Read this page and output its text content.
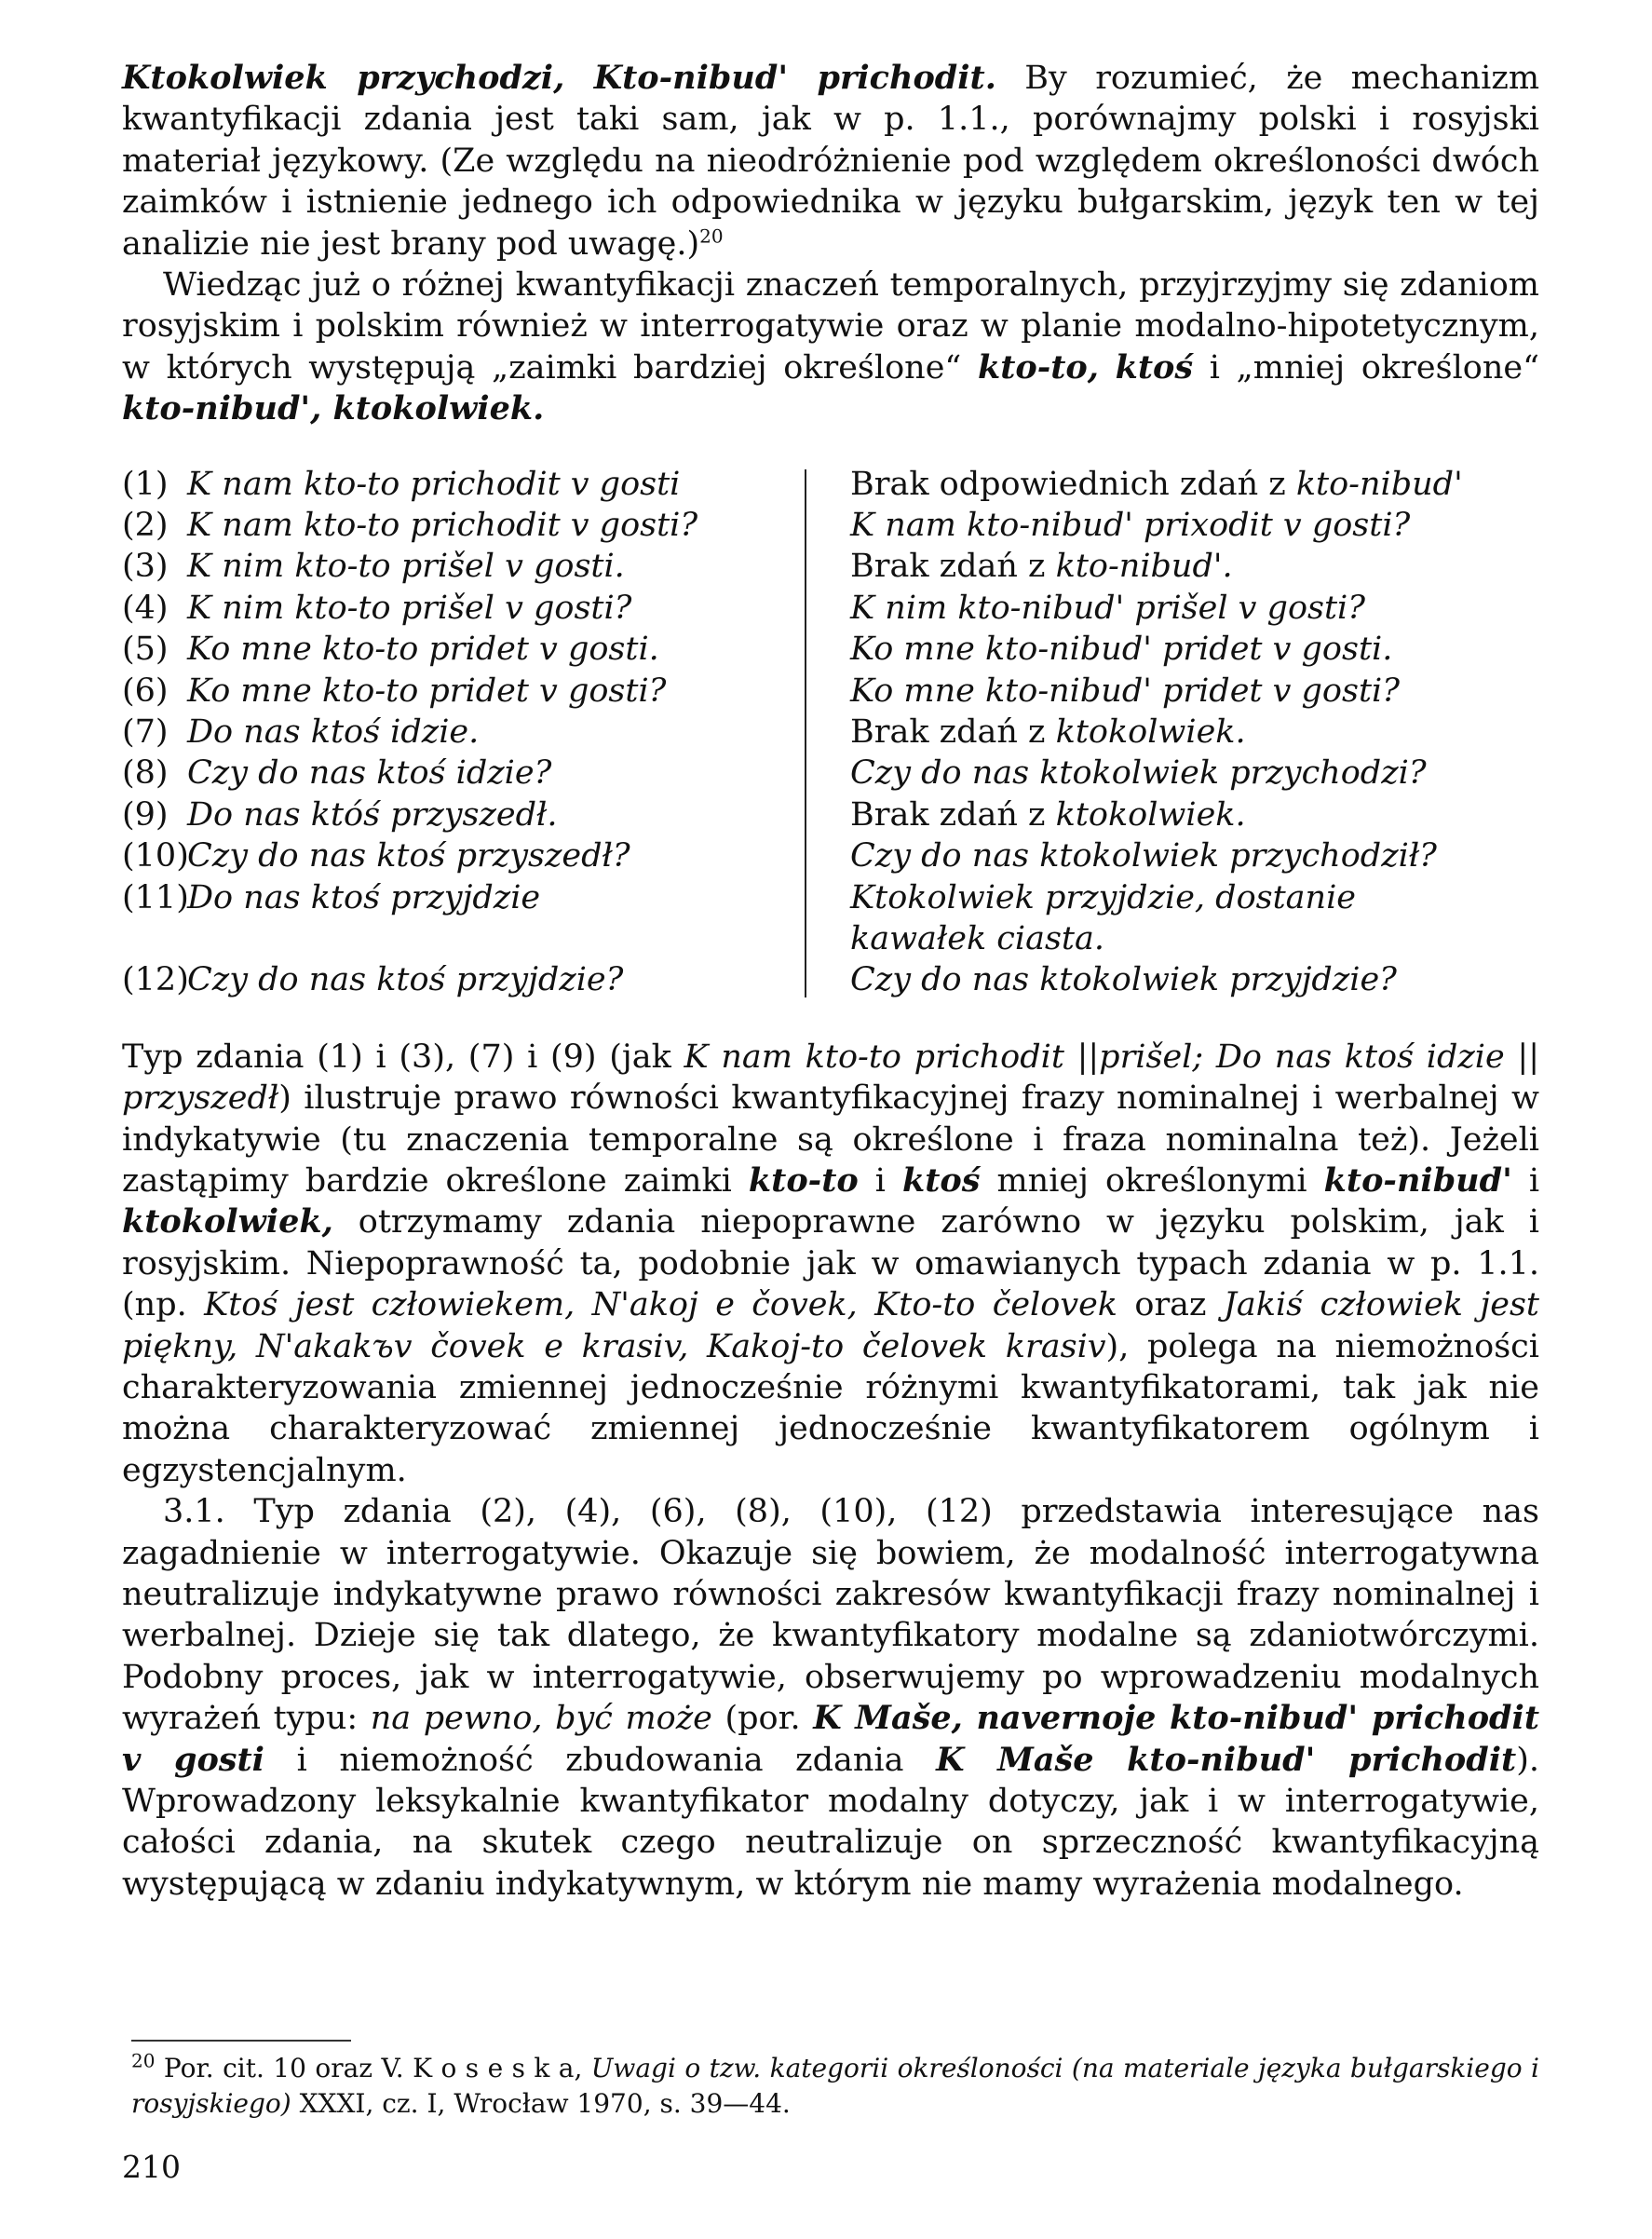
Ktokolwiek przychodzi, Kto-nibud' prichodit. By rozumieć, że mechanizm kwantyfikacji zdania jest taki sam, jak w p. 1.1., porównajmy polski i rosyjski materiał językowy. (Ze względu na nieodróżnienie pod względem określoności dwóch zaimków i istnienie jednego ich odpowiednika w języku bułgarskim, język ten w tej analizie nie jest brany pod uwagę.)$^{20}$

Wiedząc już o różnej kwantyfikacji znaczeń temporalnych, przyjrzyjmy się zdaniom rosyjskim i polskim również w interrogatywie oraz w planie modalno-hipotetycznym, w których występują „zaimki bardziej określone“ kto-to, ktoś i „mniej określone“ kto-nibud', ktokolwiek.

(1) K nam kto-to prichodit v gosti
(2) K nam kto-to prichodit v gosti?
(3) K nim kto-to prišel v gosti.
(4) K nim kto-to prišel v gosti?
(5) Ko mne kto-to pridet v gosti.
(6) Ko mne kto-to pridet v gosti?
(7) Do nas ktoś idzie.
(8) Czy do nas ktoś idzie?
(9) Do nas któś przyszedł.
(10)
Czy do nas ktoś przyszedł?
(11)
Do nas ktoś przyjdzie
(12)
Czy do nas ktoś przyjdzie?
Brak odpowiednich zdań z kto-nibud'
K nam kto-nibud' prixodit v gosti?
Brak zdań z kto-nibud'.
K nim kto-nibud' prišel v gosti?
Ko mne kto-nibud' pridet v gosti.
Ko mne kto-nibud' pridet v gosti?
Brak zdań z ktokolwiek.
Czy do nas ktokolwiek przychodzi?
Brak zdań z ktokolwiek.
Czy do nas ktokolwiek przychodził?
Ktokolwiek przyjdzie, dostanie kawałek ciasta.
Czy do nas ktokolwiek przyjdzie?

Typ zdania (1) i (3), (7) i (9) (jak K nam kto-to prichodit ||prišel; Do nas ktoś idzie || przyszedł) ilustruje prawo równości kwantyfikacyjnej frazy nominalnej i werbalnej w indykatywie (tu znaczenia temporalne są określone i fraza nominalna też). Jeżeli zastąpimy bardzie określone zaimki kto-to i ktoś mniej określonymi kto-nibud' i ktokolwiek, otrzymamy zdania niepoprawne zarówno w języku polskim, jak i rosyjskim. Niepoprawność ta, podobnie jak w omawianych typach zdania w p. 1.1. (np. Ktoś jest człowiekem, N'akoj e čovek, Kto-to čelovek oraz Jakiś człowiek jest piękny, N'akakъv čovek e krasiv, Kakoj-to čelovek krasiv), polega na niemożności charakteryzowania zmiennej jednocześnie różnymi kwantyfikatorami, tak jak nie można charakteryzować zmiennej jednocześnie kwantyfikatorem ogólnym i egzystencjalnym.

3.1. Typ zdania (2), (4), (6), (8), (10), (12) przedstawia interesujące nas zagadnienie w interrogatywie. Okazuje się bowiem, że modalność interrogatywna neutralizuje indykatywne prawo równości zakresów kwantyfikacji frazy nominalnej i werbalnej. Dzieje się tak dlatego, że kwantyfikatory modalne są zdaniotwórczymi. Podobny proces, jak w interrogatywie, obserwujemy po wprowadzeniu modalnych wyrażeń typu: na pewno, być może (por. K Maše, navernoje kto-nibud' prichodit v gosti i niemożność zbudowania zdania K Maše kto-nibud' prichodit). Wprowadzony leksykalnie kwantyfikator modalny dotyczy, jak i w interrogatywie, całości zdania, na skutek czego neutralizuje on sprzeczność kwantyfikacyjną występującą w zdaniu indykatywnym, w którym nie mamy wyrażenia modalnego.

$^{20}$ Por. cit. 10 oraz V. K o s e s k a, Uwagi o tzw. kategorii określoności (na materiale języka bułgarskiego i rosyjskiego) XXXI, cz. I, Wrocław 1970, s. 39—44.
210
